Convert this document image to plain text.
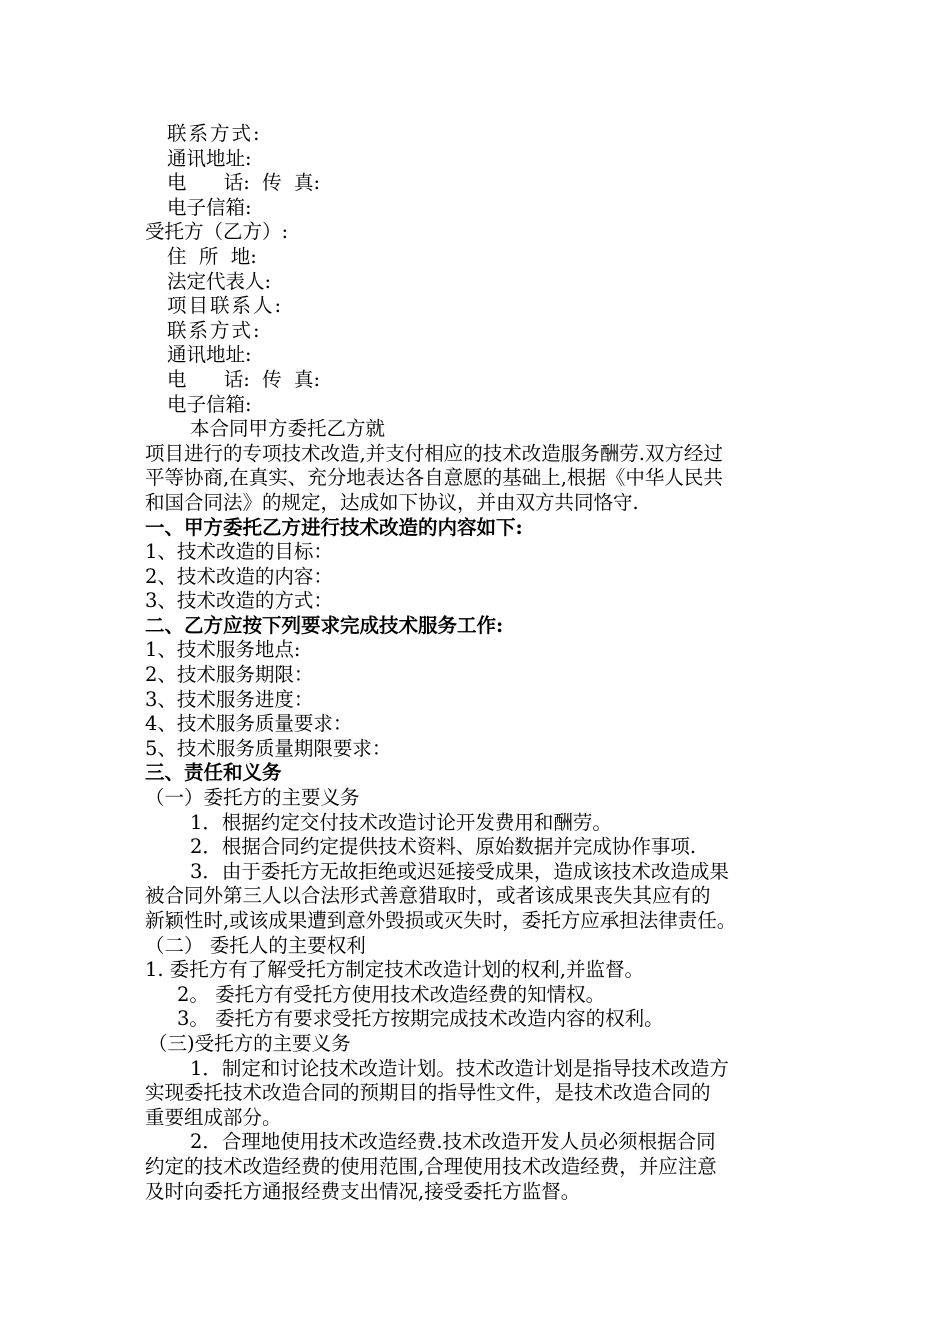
联系方式:
通讯地址:
电      话:  传  真:
电子信箱:
受托方（乙方）:
住  所  地:
法定代表人:
项目联系人:
联系方式:
通讯地址:
电      话:  传  真:
电子信箱:
本合同甲方委托乙方就
项目进行的专项技术改造,并支付相应的技术改造服务酬劳.双方经过
平等协商,在真实、充分地表达各自意愿的基础上,根据《中华人民共
和国合同法》的规定，达成如下协议，并由双方共同恪守.
一、甲方委托乙方进行技术改造的内容如下:
1、技术改造的目标：
2、技术改造的内容：
3、技术改造的方式：
二、乙方应按下列要求完成技术服务工作:
1、技术服务地点:
2、技术服务期限：
3、技术服务进度：
4、技术服务质量要求：
5、技术服务质量期限要求：
三、责任和义务
（一）委托方的主要义务
1．根据约定交付技术改造讨论开发费用和酬劳。
2．根据合同约定提供技术资料、原始数据并完成协作事项.
3．由于委托方无故拒绝或迟延接受成果，造成该技术改造成果
被合同外第三人以合法形式善意猎取时，或者该成果丧失其应有的
新颖性时,或该成果遭到意外毁损或灭失时，委托方应承担法律责任。
（二） 委托人的主要权利
1. 委托方有了解受托方制定技术改造计划的权利,并监督。
2。 委托方有受托方使用技术改造经费的知情权。
3。 委托方有要求受托方按期完成技术改造内容的权利。
（三)受托方的主要义务
1．制定和讨论技术改造计划。技术改造计划是指导技术改造方
实现委托技术改造合同的预期目的指导性文件，是技术改造合同的
重要组成部分。
2．合理地使用技术改造经费.技术改造开发人员必须根据合同
约定的技术改造经费的使用范围,合理使用技术改造经费，并应注意
及时向委托方通报经费支出情况,接受委托方监督。
